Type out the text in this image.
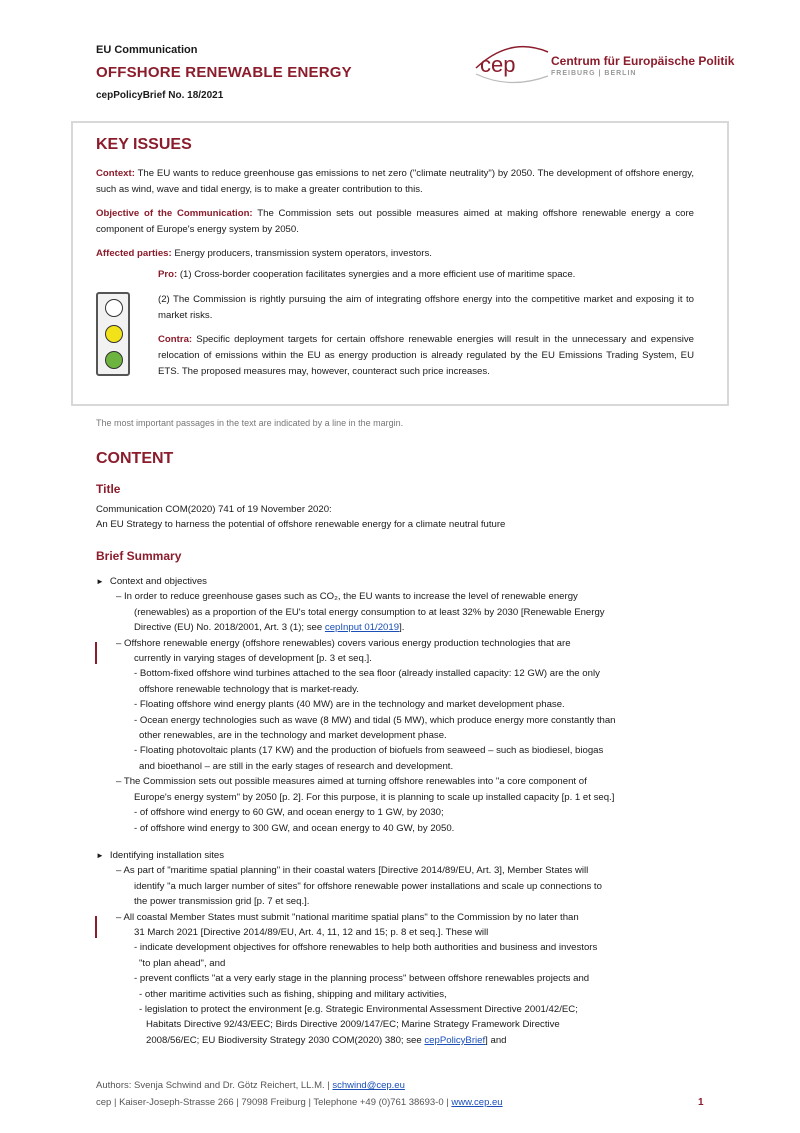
EU Communication
OFFSHORE RENEWABLE ENERGY
cepPolicyBrief No. 18/2021
cep	Centrum für Europäische Politik
FREIBURG | BERLIN
KEY ISSUES
Context: The EU wants to reduce greenhouse gas emissions to net zero ("climate neutrality") by 2050. The development of offshore energy, such as wind, wave and tidal energy, is to make a greater contribution to this.
Objective of the Communication: The Commission sets out possible measures aimed at making offshore renewable energy a core component of Europe's energy system by 2050.
Affected parties: Energy producers, transmission system operators, investors.
Pro: (1) Cross-border cooperation facilitates synergies and a more efficient use of maritime space.
(2) The Commission is rightly pursuing the aim of integrating offshore energy into the competitive market and exposing it to market risks.
Contra: Specific deployment targets for certain offshore renewable energies will result in the unnecessary and expensive relocation of emissions within the EU as energy production is already regulated by the EU Emissions Trading System, EU ETS. The proposed measures may, however, counteract such price increases.
The most important passages in the text are indicated by a line in the margin.
CONTENT
Title
Communication COM(2020) 741 of 19 November 2020:
An EU Strategy to harness the potential of offshore renewable energy for a climate neutral future
Brief Summary
► Context and objectives
– In order to reduce greenhouse gases such as CO₂, the EU wants to increase the level of renewable energy
(renewables) as a proportion of the EU's total energy consumption to at least 32% by 2030 [Renewable Energy
Directive (EU) No. 2018/2001, Art. 3 (1); see cepInput 01/2019].
– Offshore renewable energy (offshore renewables) covers various energy production technologies that are
currently in varying stages of development [p. 3 et seq.].
- Bottom-fixed offshore wind turbines attached to the sea floor (already installed capacity: 12 GW) are the only
offshore renewable technology that is market-ready.
- Floating offshore wind energy plants (40 MW) are in the technology and market development phase.
- Ocean energy technologies such as wave (8 MW) and tidal (5 MW), which produce energy more constantly than
other renewables, are in the technology and market development phase.
- Floating photovoltaic plants (17 KW) and the production of biofuels from seaweed – such as biodiesel, biogas
and bioethanol – are still in the early stages of research and development.
– The Commission sets out possible measures aimed at turning offshore renewables into "a core component of
Europe's energy system" by 2050 [p. 2]. For this purpose, it is planning to scale up installed capacity [p. 1 et seq.]
- of offshore wind energy to 60 GW, and ocean energy to 1 GW, by 2030;
- of offshore wind energy to 300 GW, and ocean energy to 40 GW, by 2050.
► Identifying installation sites
– As part of "maritime spatial planning" in their coastal waters [Directive 2014/89/EU, Art. 3], Member States will
identify "a much larger number of sites" for offshore renewable power installations and scale up connections to
the power transmission grid [p. 7 et seq.].
– All coastal Member States must submit "national maritime spatial plans" to the Commission by no later than
31 March 2021 [Directive 2014/89/EU, Art. 4, 11, 12 and 15; p. 8 et seq.]. These will
- indicate development objectives for offshore renewables to help both authorities and business and investors
"to plan ahead", and
- prevent conflicts "at a very early stage in the planning process" between offshore renewables projects and
- other maritime activities such as fishing, shipping and military activities,
- legislation to protect the environment [e.g. Strategic Environmental Assessment Directive 2001/42/EC;
Habitats Directive 92/43/EEC; Birds Directive 2009/147/EC; Marine Strategy Framework Directive
2008/56/EC; EU Biodiversity Strategy 2030 COM(2020) 380; see cepPolicyBrief] and
Authors: Svenja Schwind and Dr. Götz Reichert, LL.M. | schwind@cep.eu
cep | Kaiser-Joseph-Strasse 266 | 79098 Freiburg | Telephone +49 (0)761 38693-0 | www.cep.eu	1
